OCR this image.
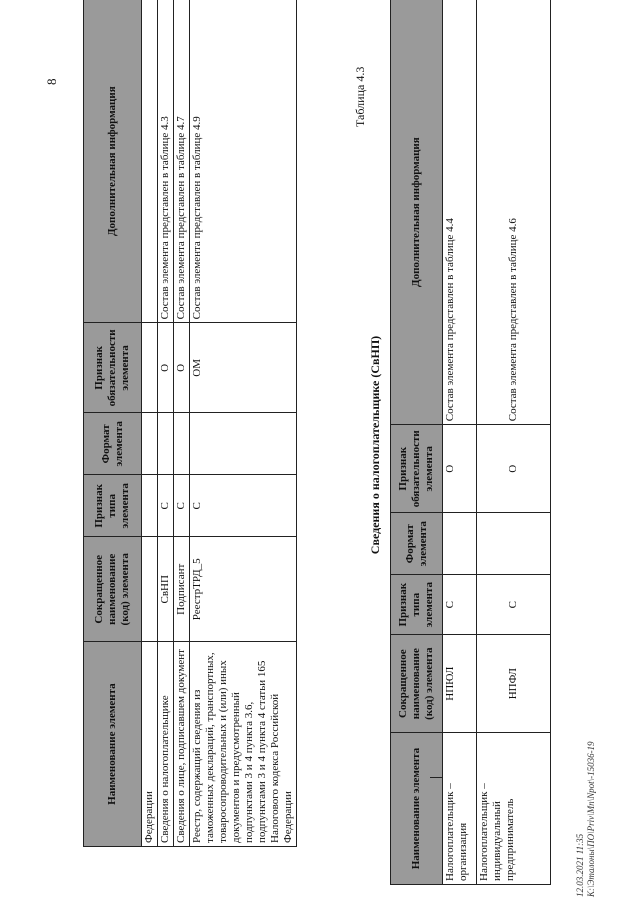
8
Наименование элемента	Сокращенное наименование (код) элемента	Признак типа элемента	Формат элемента	Признак обязательности элемента	Дополнительная информация
Федерации					
Сведения о налогоплательщике	СвНП	С		О	Состав элемента представлен в таблице 4.3
Сведения о лице, подписавшем документ	Подписант	С		О	Состав элемента представлен в таблице 4.7
Реестр, содержащий сведения из таможенных деклараций, транспортных, товаросопроводительных и (или) иных документов и предусмотренный подпунктами 3 и 4 пункта 3.6, подпунктами 3 и 4 пункта 4 статьи 165 Налогового кодекса Российской Федерации	РеестрТРД_5	С		ОМ	Состав элемента представлен в таблице 4.9
Таблица 4.3
Сведения о налогоплательщике (СвНП)
Наименование элемента	Сокращенное наименование (код) элемента	Признак типа элемента	Формат элемента	Признак обязательности элемента	Дополнительная информация
Налогоплательщик – организация	НПЮЛ	С		О	Состав элемента представлен в таблице 4.4
Налогоплательщик – индивидуальный предприниматель	НПФЛ	С		О	Состав элемента представлен в таблице 4.6
12.03.2021 11:35 К:\Эталоны\ПО\Priv\Mn\Npot\-15036-19
